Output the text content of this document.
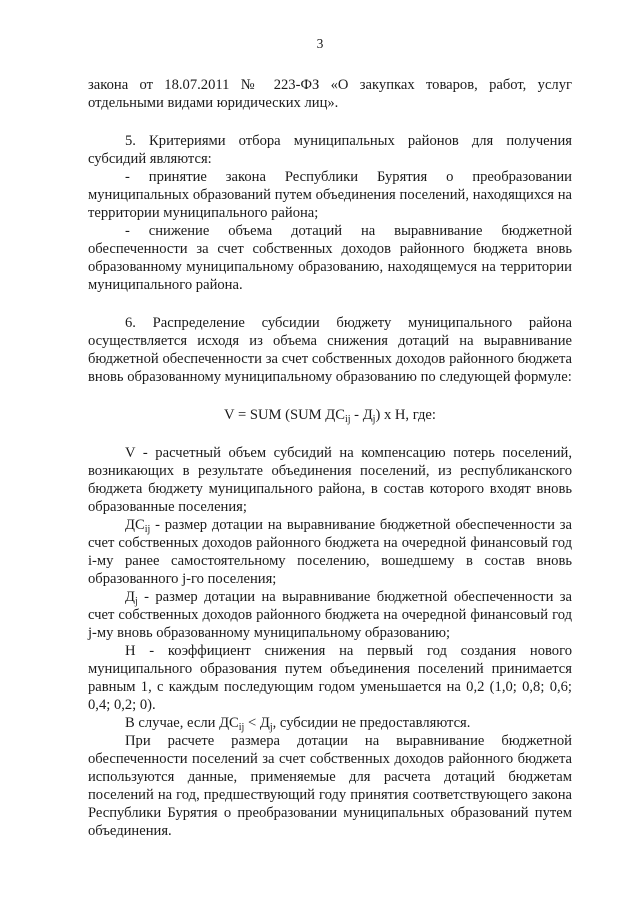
3

закона от 18.07.2011 № 223-ФЗ «О закупках товаров, работ, услуг отдельными видами юридических лиц».

5. Критериями отбора муниципальных районов для получения субсидий являются:

- принятие закона Республики Бурятия о преобразовании муниципальных образований путем объединения поселений, находящихся на территории муниципального района;

- снижение объема дотаций на выравнивание бюджетной обеспеченности за счет собственных доходов районного бюджета вновь образованному муниципальному образованию, находящемуся на территории муниципального района.

6. Распределение субсидии бюджету муниципального района осуществляется исходя из объема снижения дотаций на выравнивание бюджетной обеспеченности за счет собственных доходов районного бюджета вновь образованному муниципальному образованию по следующей формуле:

V = SUM (SUM $ДС_{ij} - Д_j$) х Н, где:

V - расчетный объем субсидий на компенсацию потерь поселений, возникающих в результате объединения поселений, из республиканского бюджета бюджету муниципального района, в состав которого входят вновь образованные поселения;

$ДС_{ij}$ - размер дотации на выравнивание бюджетной обеспеченности за счет собственных доходов районного бюджета на очередной финансовый год i-му ранее самостоятельному поселению, вошедшему в состав вновь образованного j-го поселения;

$Д_j$ - размер дотации на выравнивание бюджетной обеспеченности за счет собственных доходов районного бюджета на очередной финансовый год j-му вновь образованному муниципальному образованию;

Н - коэффициент снижения на первый год создания нового муниципального образования путем объединения поселений принимается равным 1, с каждым последующим годом уменьшается на 0,2 (1,0; 0,8; 0,6; 0,4; 0,2; 0).

В случае, если $ДС_{ij} < Д_j$, субсидии не предоставляются.

При расчете размера дотации на выравнивание бюджетной обеспеченности поселений за счет собственных доходов районного бюджета используются данные, применяемые для расчета дотаций бюджетам поселений на год, предшествующий году принятия соответствующего закона Республики Бурятия о преобразовании муниципальных образований путем объединения.
